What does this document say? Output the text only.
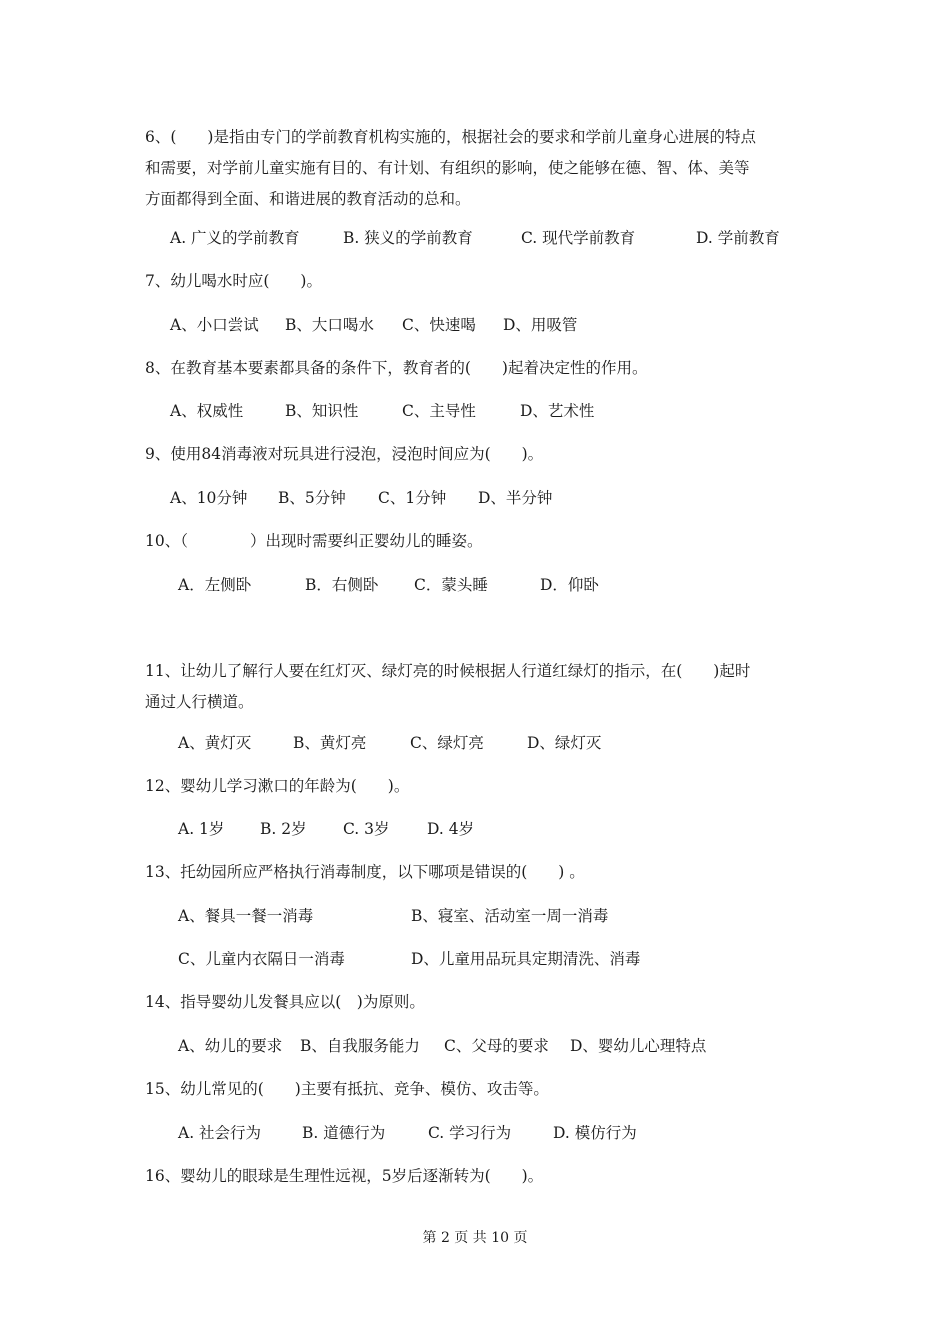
6、(　　)是指由专门的学前教育机构实施的，根据社会的要求和学前儿童身心进展的特点
和需要，对学前儿童实施有目的、有计划、有组织的影响，使之能够在德、智、体、美等
方面都得到全面、和谐进展的教育活动的总和。
A. 广义的学前教育	B. 狭义的学前教育	C. 现代学前教育	D. 学前教育
7、幼儿喝水时应(　　)。
A、小口尝试 B、大口喝水 C、快速喝 D、用吸管
8、在教育基本要素都具备的条件下，教育者的(　　)起着决定性的作用。
A、权威性	B、知识性	C、主导性	D、艺术性
9、使用84消毒液对玩具进行浸泡，浸泡时间应为(　　)。
A、10分钟 B、5分钟 C、1分钟 D、半分钟
10、（　　　　）出现时需要纠正婴幼儿的睡姿。
A．左侧卧	B．右侧卧 C．蒙头睡	D．仰卧
11、让幼儿了解行人要在红灯灭、绿灯亮的时候根据人行道红绿灯的指示，在(　　)起时
通过人行横道。
A、黄灯灭	B、黄灯亮	C、绿灯亮	D、绿灯灭
12、婴幼儿学习漱口的年龄为(　　)。
A. 1岁 B. 2岁 C. 3岁 D. 4岁
13、托幼园所应严格执行消毒制度，以下哪项是错误的(　　) 。
A、餐具一餐一消毒	B、寝室、活动室一周一消毒
C、儿童内衣隔日一消毒	D、儿童用品玩具定期清洗、消毒
14、指导婴幼儿发餐具应以(　)为原则。
A、幼儿的要求 B、自我服务能力 C、父母的要求 D、婴幼儿心理特点
15、幼儿常见的(　　)主要有抵抗、竞争、模仿、攻击等。
A. 社会行为	B. 道德行为	C. 学习行为	D. 模仿行为
16、婴幼儿的眼球是生理性远视，5岁后逐渐转为(　　)。
第 2 页 共 10 页
